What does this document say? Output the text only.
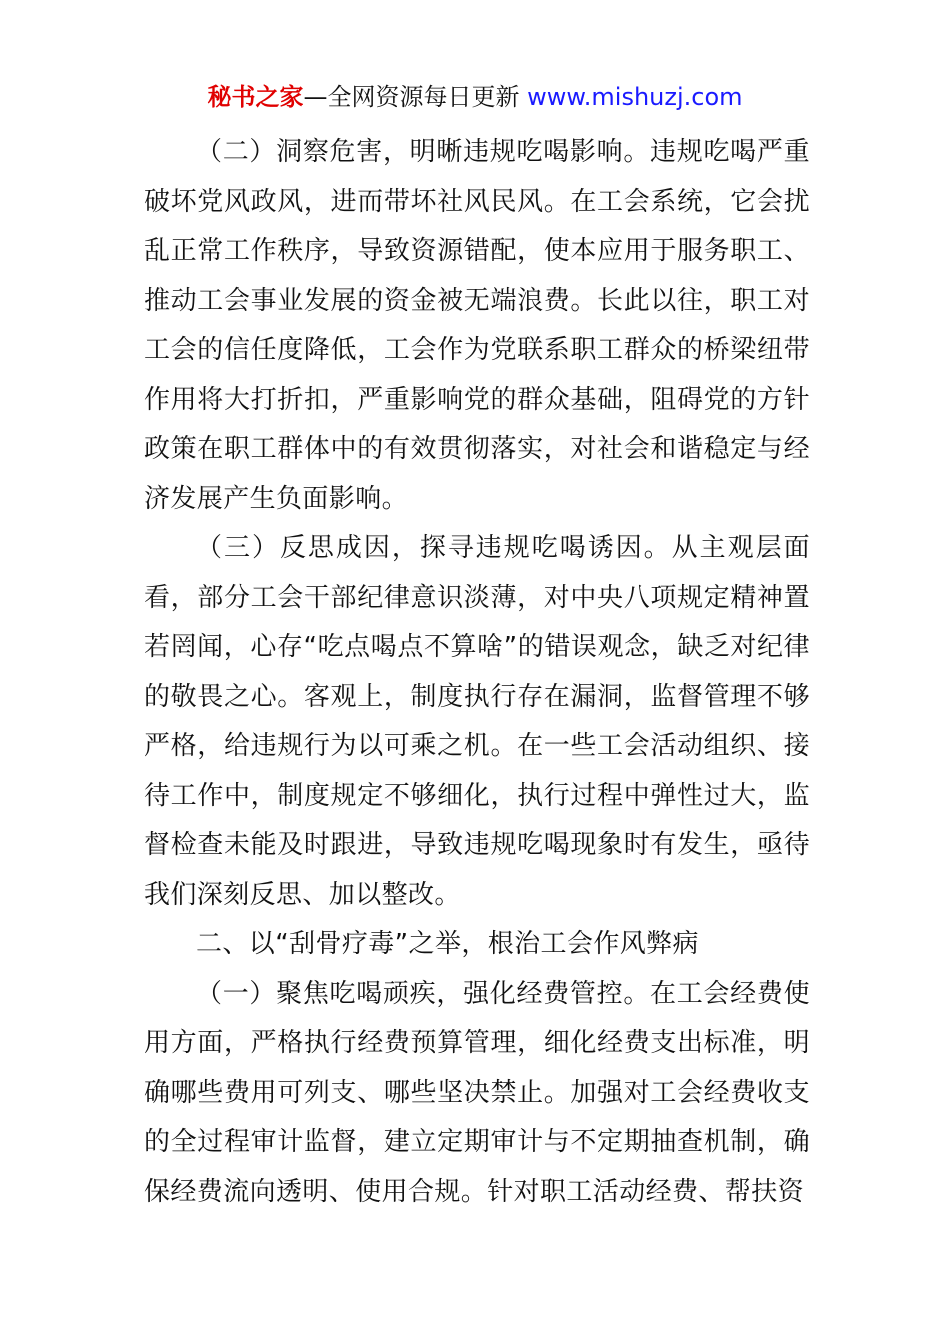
秘书之家—全网资源每日更新 www.mishuzj.com

（二）洞察危害，明晰违规吃喝影响。违规吃喝严重破坏党风政风，进而带坏社风民风。在工会系统，它会扰乱正常工作秩序，导致资源错配，使本应用于服务职工、推动工会事业发展的资金被无端浪费。长此以往，职工对工会的信任度降低，工会作为党联系职工群众的桥梁纽带作用将大打折扣，严重影响党的群众基础，阻碍党的方针政策在职工群体中的有效贯彻落实，对社会和谐稳定与经济发展产生负面影响。

（三）反思成因，探寻违规吃喝诱因。从主观层面看，部分工会干部纪律意识淡薄，对中央八项规定精神置若罔闻，心存“吃点喝点不算啥”的错误观念，缺乏对纪律的敬畏之心。客观上，制度执行存在漏洞，监督管理不够严格，给违规行为以可乘之机。在一些工会活动组织、接待工作中，制度规定不够细化，执行过程中弹性过大，监督检查未能及时跟进，导致违规吃喝现象时有发生，亟待我们深刻反思、加以整改。

二、以“刮骨疗毒”之举，根治工会作风弊病

（一）聚焦吃喝顽疾，强化经费管控。在工会经费使用方面，严格执行经费预算管理，细化经费支出标准，明确哪些费用可列支、哪些坚决禁止。加强对工会经费收支的全过程审计监督，建立定期审计与不定期抽查机制，确保经费流向透明、使用合规。针对职工活动经费、帮扶资
